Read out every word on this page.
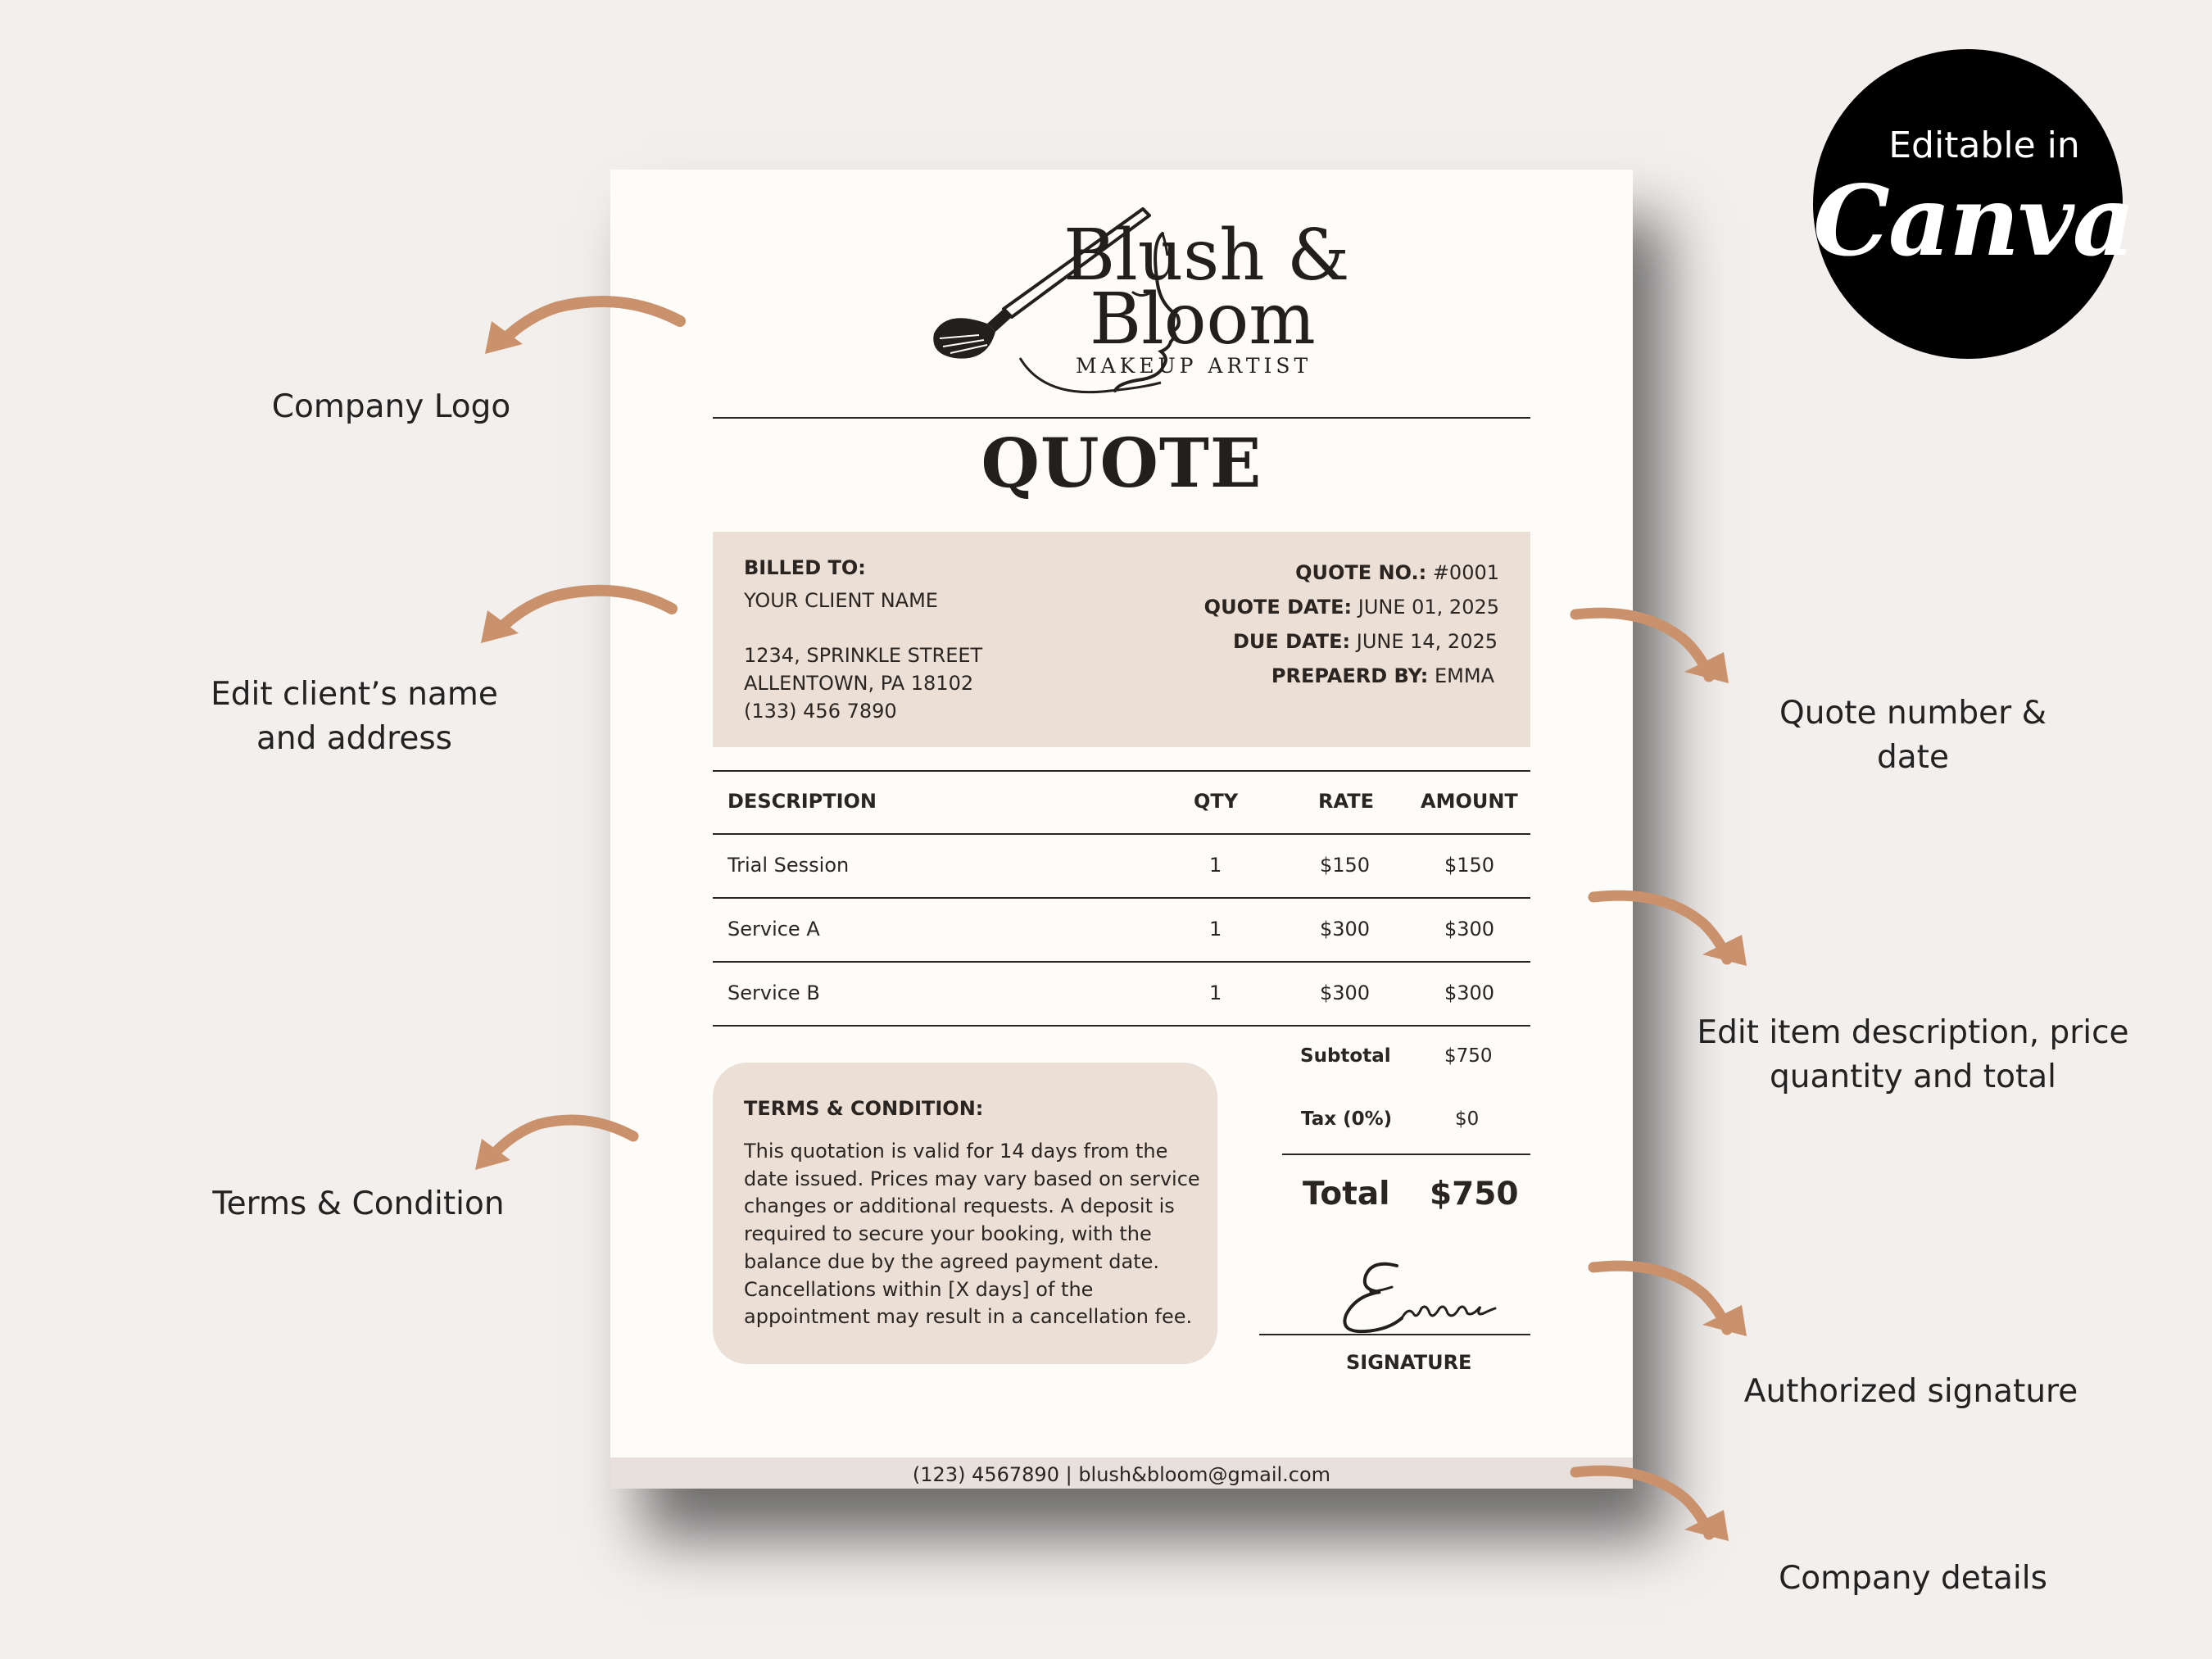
Blush &
Bloom
MAKEUP ARTIST
QUOTE
BILLED TO:
YOUR CLIENT NAME
1234, SPRINKLE STREET
ALLENTOWN, PA 18102
(133) 456 7890
QUOTE NO.: #0001
QUOTE DATE: JUNE 01, 2025
DUE DATE: JUNE 14, 2025
PREPAERD BY: EMMA
DESCRIPTION	QTY	RATE AMOUNT
Trial Session	1	$150	$150
Service A	1	$300	$300
Service B	1	$300	$300
Subtotal	$750
Tax (0%)	$0
Total $750
TERMS & CONDITION:
This quotation is valid for 14 days from the
date issued. Prices may vary based on service
changes or additional requests. A deposit is
required to secure your booking, with the
balance due by the agreed payment date.
Cancellations within [X days] of the
appointment may result in a cancellation fee.
SIGNATURE
(123) 4567890 | blush&bloom@gmail.com
Company Logo
Edit client’s name
and address
Terms & Condition
Quote number &
date
Edit item description, price
quantity and total
Authorized signature
Company details
Editable in
Canva
